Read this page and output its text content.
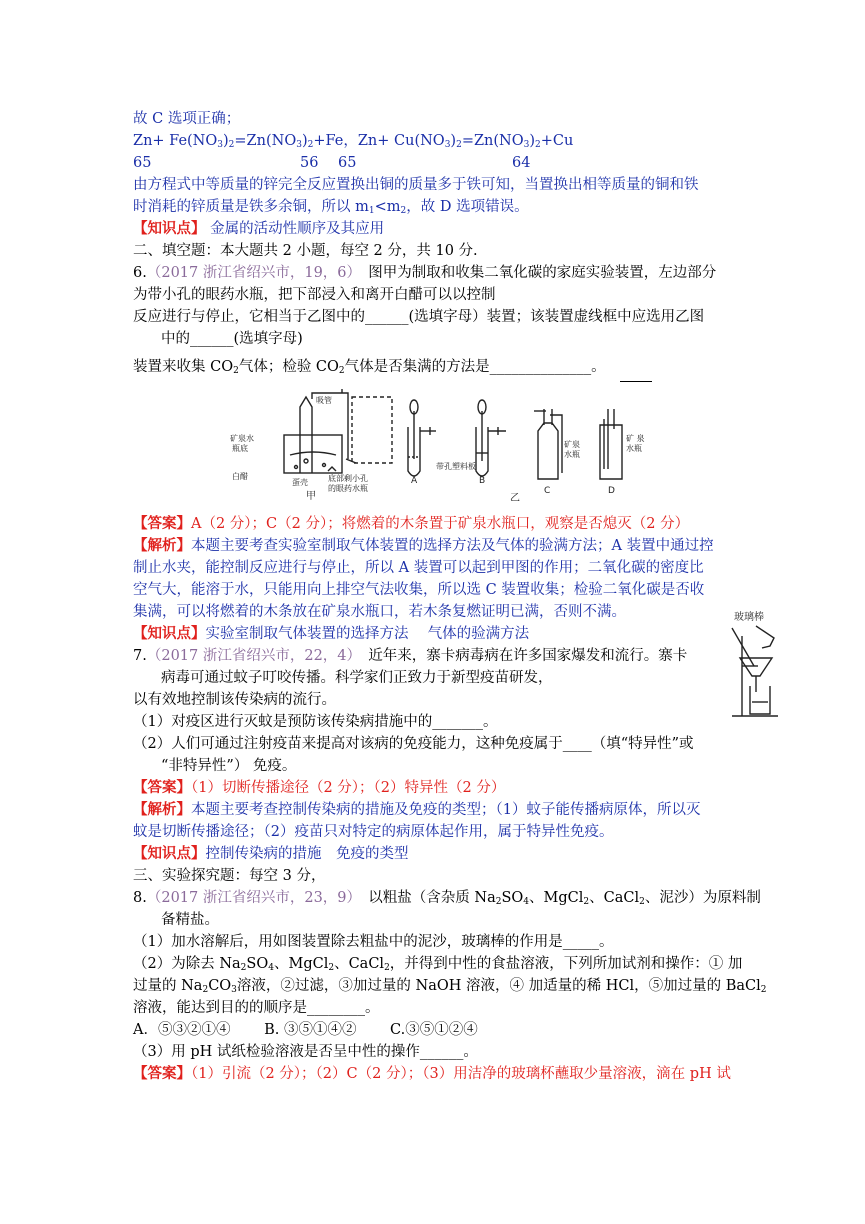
故 C 选项正确；
$Zn+ Fe(NO_3)_2=Zn(NO_3)_2+Fe$，$Zn+ Cu(NO_3)_2=Zn(NO_3)_2+Cu$
65	56 65	64
由方程式中等质量的锌完全反应置换出铜的质量多于铁可知，当置换出相等质量的铜和铁
时消耗的锌质量是铁多余铜，所以 $m_1<m_2$，故 D 选项错误。
【知识点】 金属的活动性顺序及其应用
二、填空题：本大题共 2 小题，每空 2 分，共 10 分.
6.（2017 浙江省绍兴市，19，6）　 图甲为制取和收集二氧化碳的家庭实验装置，左边部分
为带小孔的眼药水瓶，把下部浸入和离开白醋可以以控制
反应进行与停止，它相当于乙图中的______(选填字母）装置；该装置虚线框中应选用乙图
中的______(选填字母)
装置来收集 $CO_2$气体；检验 $CO_2$气体是否集满的方法是______________。
吸管
矿泉水
瓶底
白醋
蛋壳	底部剩小孔
的眼药水瓶
甲
带孔塑料板
A	B
C	D
矿泉
水瓶
矿 泉
水瓶
乙
【答案】A（2 分）；C（2 分）；将燃着的木条置于矿泉水瓶口，观察是否熄灭（2 分）
【解析】本题主要考查实验室制取气体装置的选择方法及气体的验满方法；A 装置中通过控
制止水夹，能控制反应进行与停止，所以 A 装置可以起到甲图的作用；二氧化碳的密度比
空气大，能溶于水，只能用向上排空气法收集，所以选 C 装置收集；检验二氧化碳是否收
集满，可以将燃着的木条放在矿泉水瓶口，若木条复燃证明已满，否则不满。
【知识点】实验室制取气体装置的选择方法　 气体的验满方法
玻璃棒
7.（2017 浙江省绍兴市，22，4）　 近年来，寨卡病毒病在许多国家爆发和流行。寨卡
病毒可通过蚊子叮咬传播。科学家们正致力于新型疫苗研发，
以有效地控制该传染病的流行。
（1）对疫区进行灭蚊是预防该传染病措施中的_______。
（2）人们可通过注射疫苗来提高对该病的免疫能力，这种免疫属于____（填“特异性”或
“非特异性”） 免疫。
【答案】（1）切断传播途径（2 分）；（2）特异性（2 分）
【解析】本题主要考查控制传染病的措施及免疫的类型；（1）蚊子能传播病原体，所以灭
蚊是切断传播途径；（2）疫苗只对特定的病原体起作用，属于特异性免疫。
【知识点】控制传染病的措施　免疫的类型
三、实验探究题：每空 3 分，
8.（2017 浙江省绍兴市，23，9）　 以粗盐（含杂质 $Na_2SO_4$、MgCl$_2$、CaCl$_2$、泥沙）为原料制
备精盐。
（1）加水溶解后，用如图装置除去粗盐中的泥沙，玻璃棒的作用是_____。
（2）为除去 $Na_2SO_4$、MgCl$_2$、CaCl$_2$，并得到中性的食盐溶液，下列所加试剂和操作：① 加
过量的 $Na_2CO_3$溶液，②过滤，③加过量的 NaOH 溶液，④ 加适量的稀 HCl，⑤加过量的 BaCl$_2$
溶液，能达到目的的顺序是________。
A．⑤③②①④　　 B. ③⑤①④②　　 C.③⑤①②④
（3）用 pH 试纸检验溶液是否呈中性的操作______。
【答案】（1）引流（2 分）；（2）C（2 分）；（3）用洁净的玻璃杯蘸取少量溶液，滴在 pH 试
